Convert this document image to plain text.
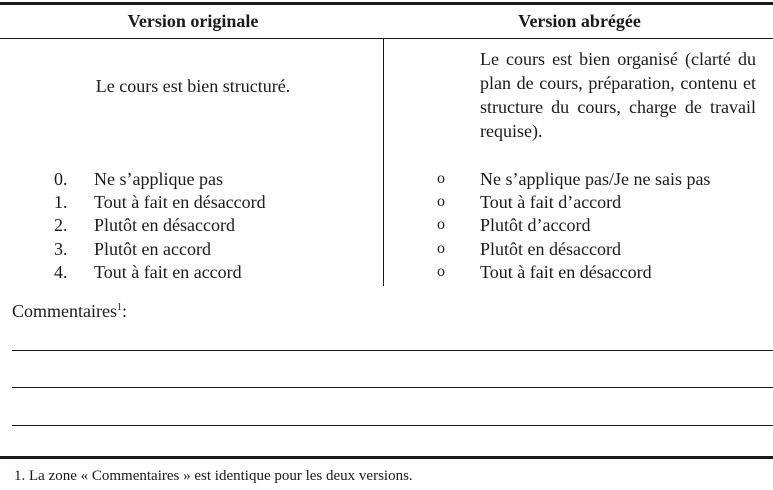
Version originale	Version abrégée
Le cours est bien structuré.
Le cours est bien organisé (clarté du plan de cours, préparation, contenu et structure du cours, charge de travail requise).
0. Ne s’applique pas
1. Tout à fait en désaccord
2. Plutôt en désaccord
3. Plutôt en accord
4. Tout à fait en accord
o Ne s’applique pas/Je ne sais pas
o Tout à fait d’accord
o Plutôt d’accord
o Plutôt en désaccord
o Tout à fait en désaccord
Commentaires$^1$:
1. La zone « Commentaires » est identique pour les deux versions.
